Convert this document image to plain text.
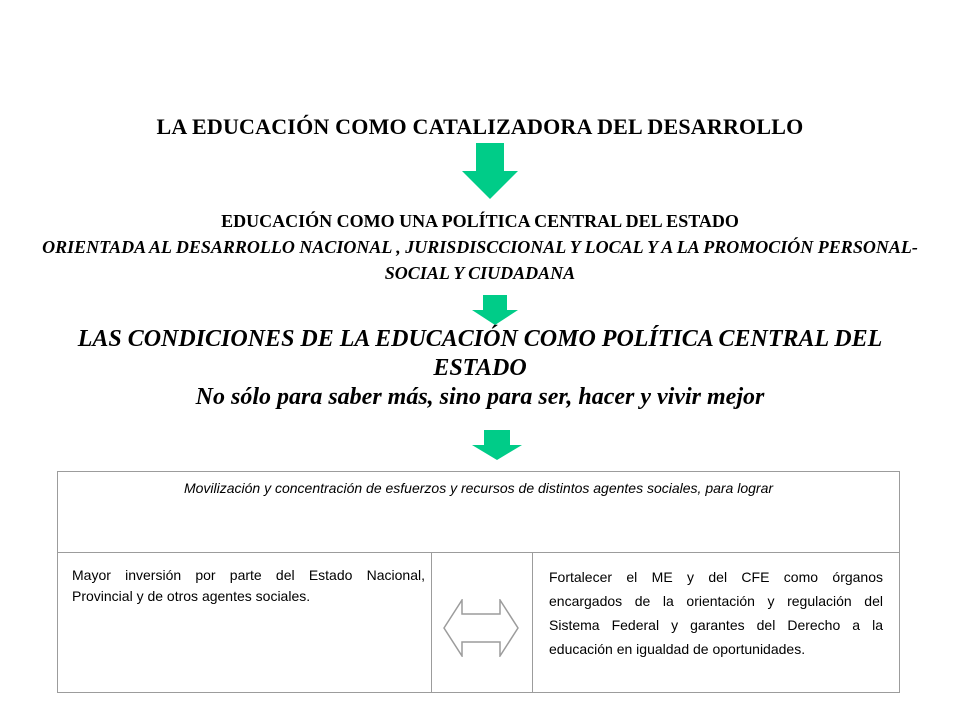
LA EDUCACIÓN COMO CATALIZADORA DEL DESARROLLO
EDUCACIÓN COMO UNA POLÍTICA CENTRAL DEL ESTADO
ORIENTADA AL DESARROLLO NACIONAL , JURISDISCCIONAL Y LOCAL Y A LA PROMOCIÓN PERSONAL-SOCIAL Y CIUDADANA
LAS CONDICIONES DE LA EDUCACIÓN COMO POLÍTICA CENTRAL DEL ESTADO
No sólo para saber más, sino para ser, hacer y vivir mejor
Movilización y concentración de esfuerzos y recursos de distintos agentes sociales, para lograr
Mayor inversión por parte del Estado Nacional, Provincial y de otros agentes sociales.
Fortalecer el ME y del CFE como órganos encargados de la orientación y regulación del Sistema Federal y garantes del Derecho a la educación en igualdad de oportunidades.
